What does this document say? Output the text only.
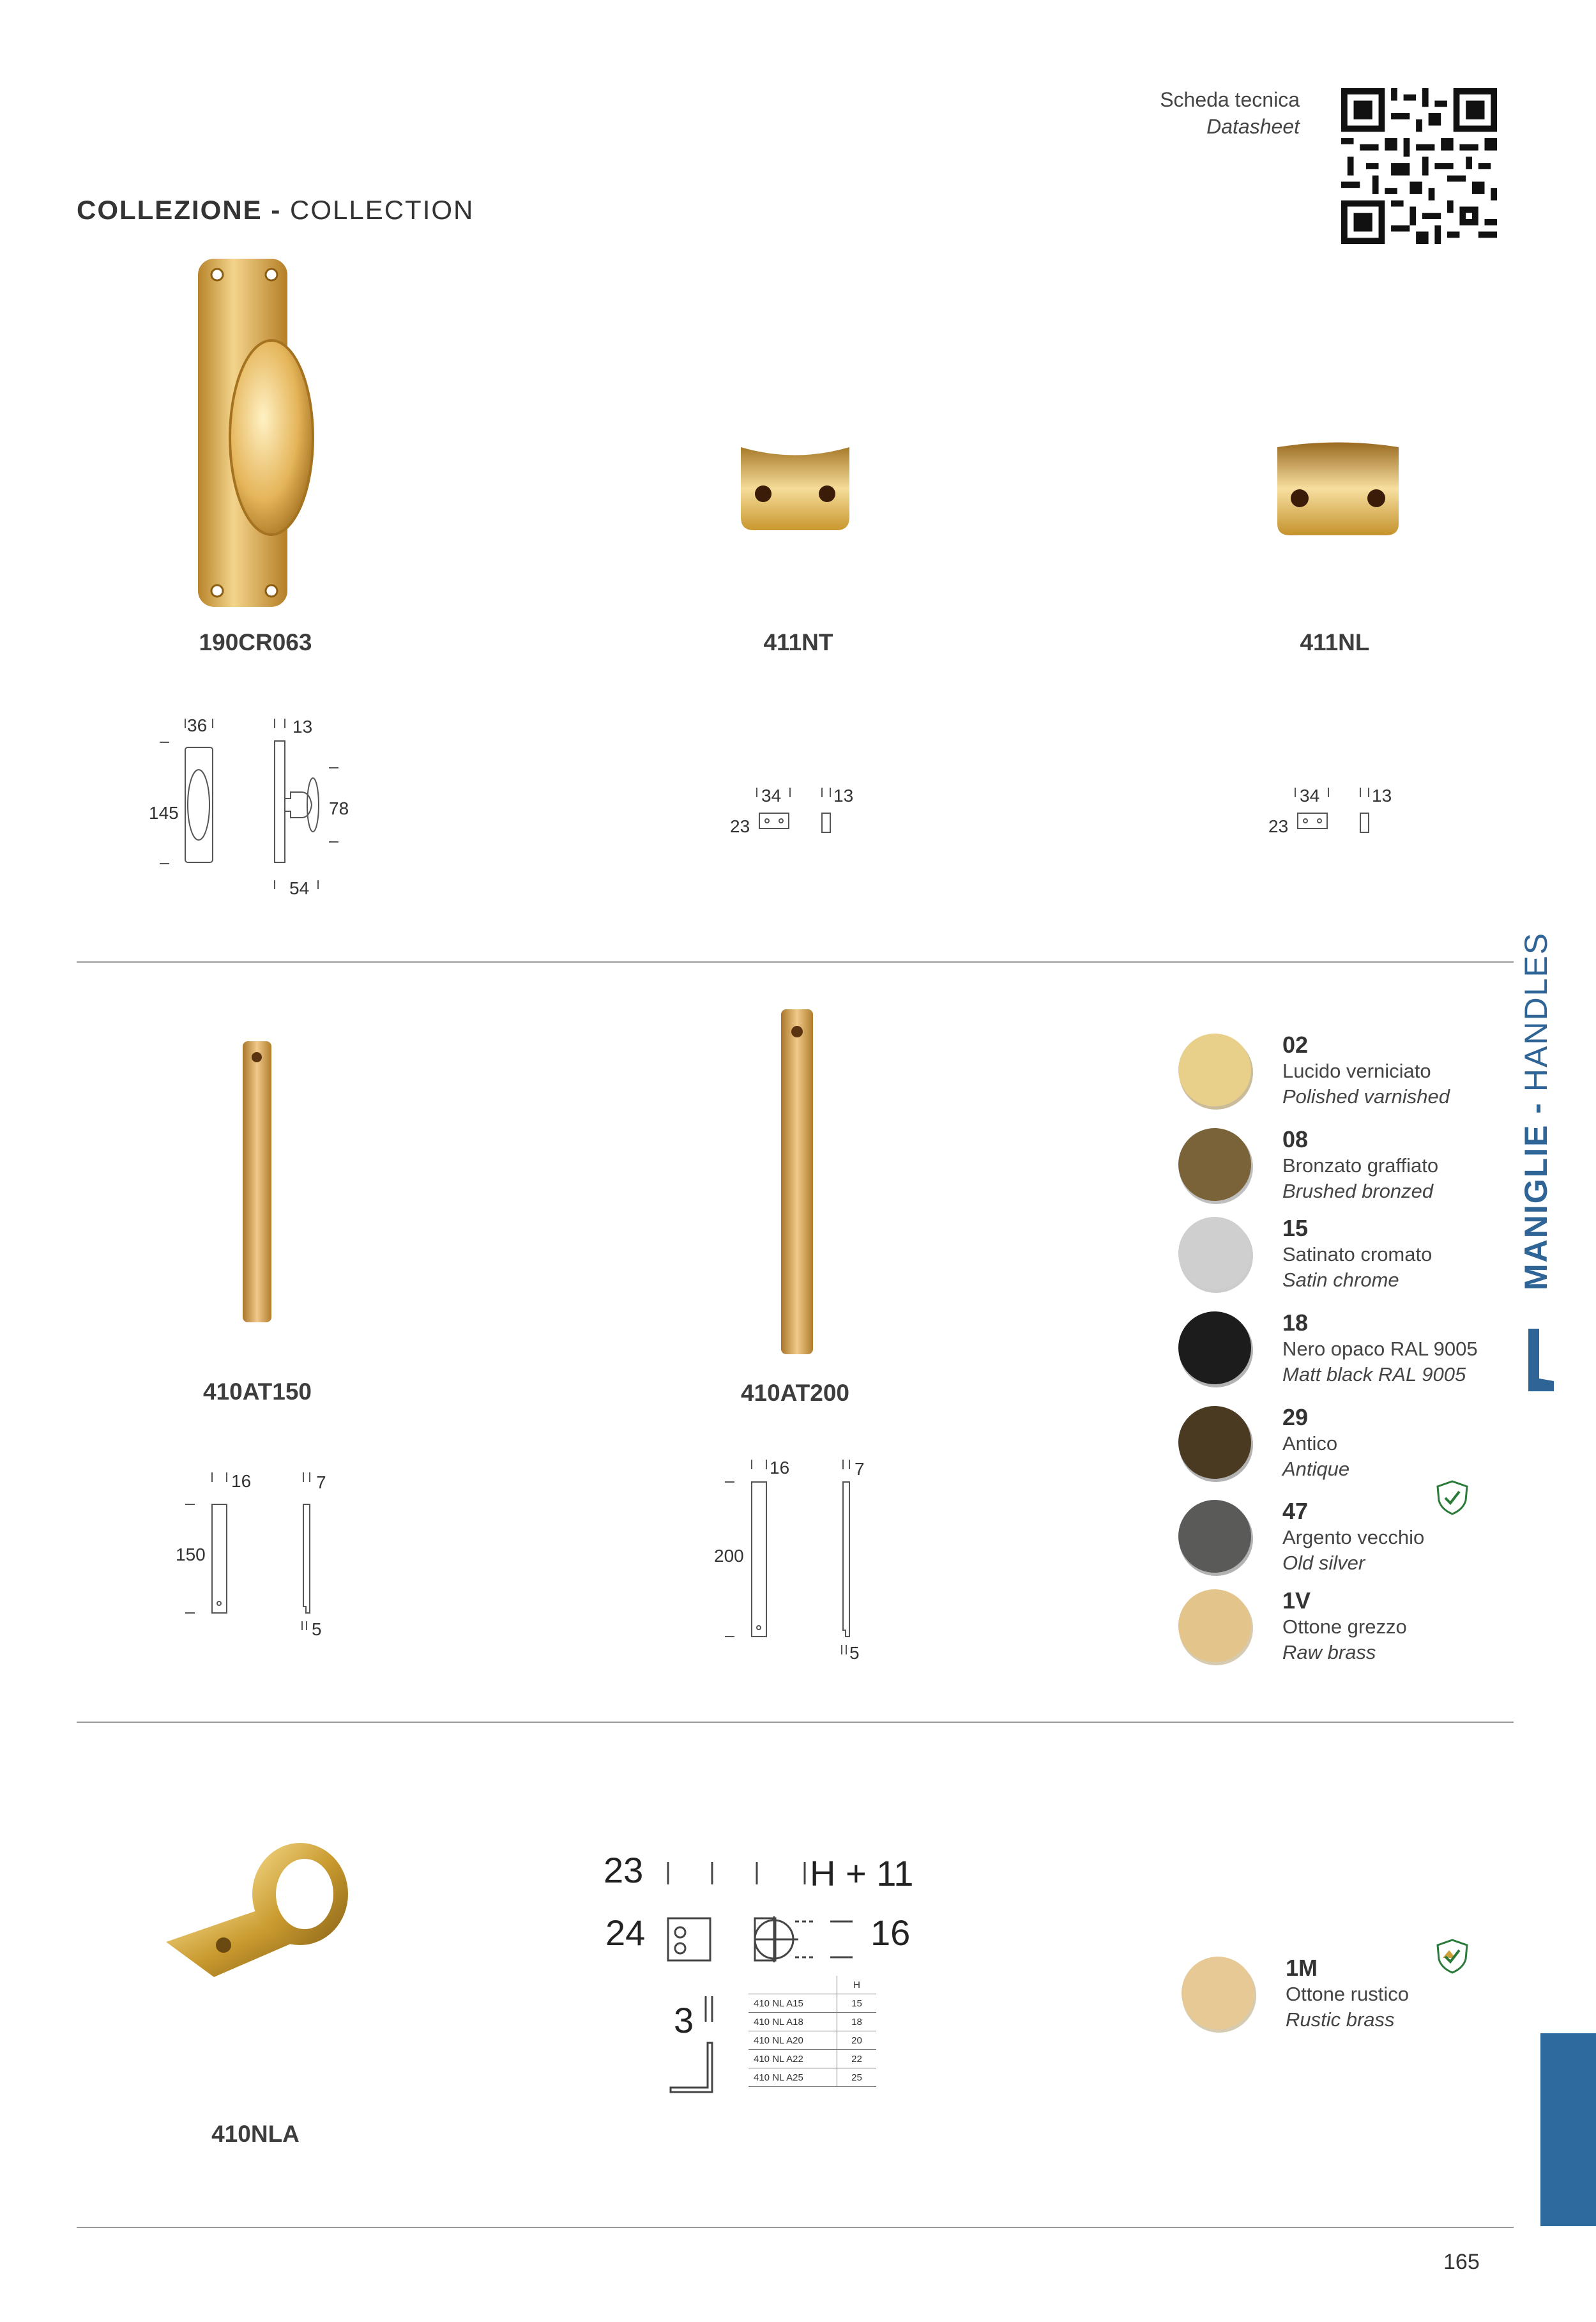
Scheda tecnica
Datasheet
COLLEZIONE - COLLECTION
190CR063	411NT	411NL
36	13
145	78
54
34	13
23
34	13
23
410AT150	410AT200
16	7
150
5
16	7
200
5
02
Lucido verniciato
Polished varnished
08
Bronzato graffiato
Brushed bronzed
15
Satinato cromato
Satin chrome
18
Nero opaco RAL 9005
Matt black RAL 9005
29
Antico
Antique
47
Argento vecchio
Old silver
1V
Ottone grezzo
Raw brass
1M
Ottone rustico
Rustic brass
410NLA
23	H + 11
24	16
3
	H
410 NL A15	15
410 NL A18	18
410 NL A20	20
410 NL A22	22
410 NL A25	25
MANIGLIE - HANDLES
165
